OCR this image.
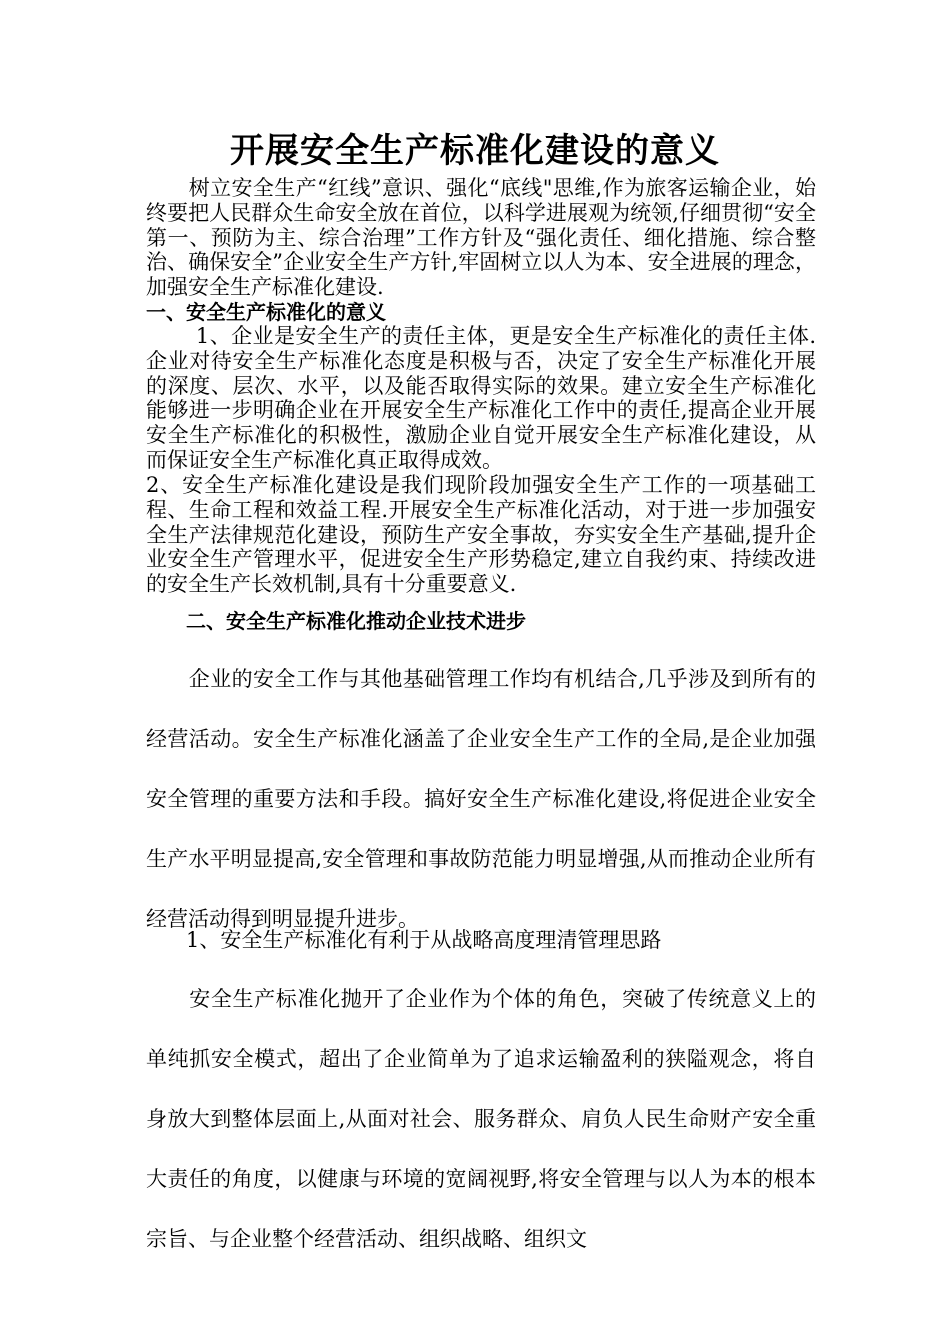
开展安全生产标准化建设的意义

　　树立安全生产“红线”意识、强化“底线"思维,作为旅客运输企业，始终要把人民群众生命安全放在首位，以科学进展观为统领,仔细贯彻“安全第一、预防为主、综合治理”工作方针及“强化责任、细化措施、综合整治、确保安全”企业安全生产方针,牢固树立以人为本、安全进展的理念，加强安全生产标准化建设.

一、安全生产标准化的意义

　　 1、企业是安全生产的责任主体，更是安全生产标准化的责任主体.企业对待安全生产标准化态度是积极与否，决定了安全生产标准化开展的深度、层次、水平，以及能否取得实际的效果。建立安全生产标准化能够进一步明确企业在开展安全生产标准化工作中的责任,提高企业开展安全生产标准化的积极性，激励企业自觉开展安全生产标准化建设，从而保证安全生产标准化真正取得成效。

2、安全生产标准化建设是我们现阶段加强安全生产工作的一项基础工程、生命工程和效益工程.开展安全生产标准化活动，对于进一步加强安全生产法律规范化建设，预防生产安全事故，夯实安全生产基础,提升企业安全生产管理水平，促进安全生产形势稳定,建立自我约束、持续改进的安全生产长效机制,具有十分重要意义.

二、安全生产标准化推动企业技术进步

　　企业的安全工作与其他基础管理工作均有机结合,几乎涉及到所有的经营活动。安全生产标准化涵盖了企业安全生产工作的全局,是企业加强安全管理的重要方法和手段。搞好安全生产标准化建设,将促进企业安全生产水平明显提高,安全管理和事故防范能力明显增强,从而推动企业所有经营活动得到明显提升进步。

1、安全生产标准化有利于从战略高度理清管理思路

　　安全生产标准化抛开了企业作为个体的角色，突破了传统意义上的单纯抓安全模式，超出了企业简单为了追求运输盈利的狭隘观念，将自身放大到整体层面上,从面对社会、服务群众、肩负人民生命财产安全重大责任的角度，以健康与环境的宽阔视野,将安全管理与以人为本的根本宗旨、与企业整个经营活动、组织战略、组织文
